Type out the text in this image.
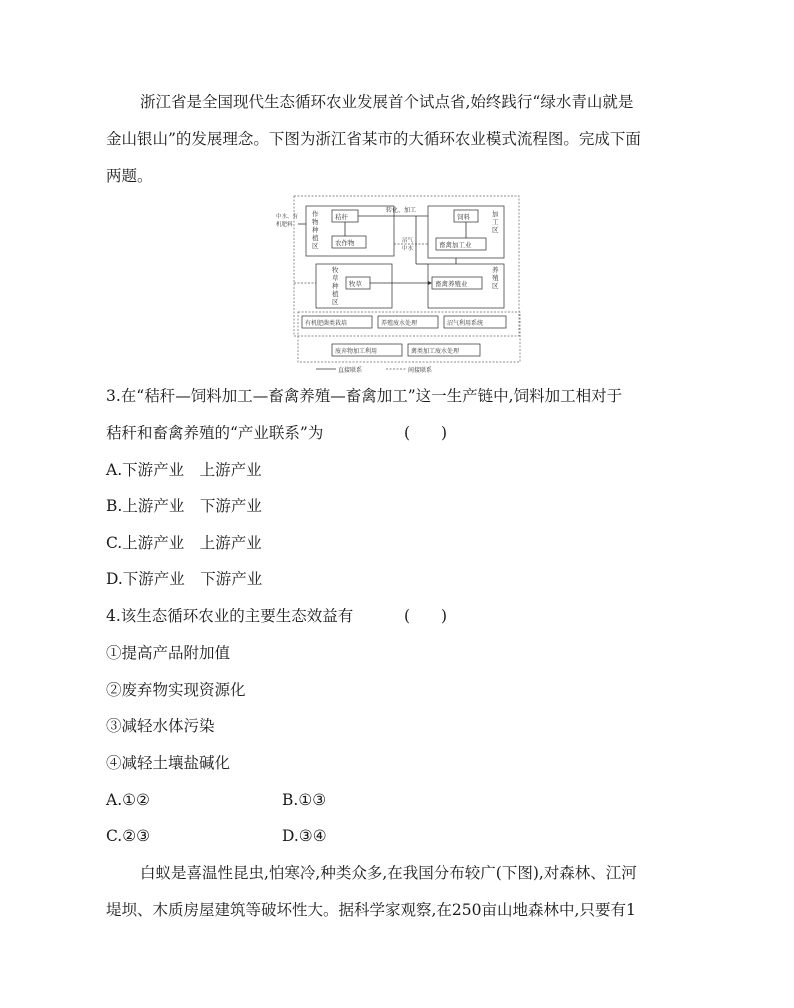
浙江省是全国现代生态循环农业发展首个试点省,始终践行“绿水青山就是
金山银山”的发展理念。下图为浙江省某市的大循环农业模式流程图。完成下面
两题。
作
物
种
植
区
秸秆
农作物
中水、有
机肥料
转化、加工	加
工
区
饲料
畜禽加工业
沼气
中水
牧
草
种
植
区
牧草
养
殖
区
畜禽养殖业
有机肥菌类栽培	养殖废水处理	沼气利用系统
废弃物加工利用	禽类加工废水处理
直接联系	间接联系
3.在“秸秆—饲料加工—畜禽养殖—畜禽加工”这一生产链中,饲料加工相对于
秸秆和畜禽养殖的“产业联系”为	(　　)
A.下游产业　上游产业
B.上游产业　下游产业
C.上游产业　上游产业
D.下游产业　下游产业
4.该生态循环农业的主要生态效益有	(　　)
①提高产品附加值
②废弃物实现资源化
③减轻水体污染
④减轻土壤盐碱化
A.①②	B.①③
C.②③	D.③④
白蚁是喜温性昆虫,怕寒冷,种类众多,在我国分布较广(下图),对森林、江河
堤坝、木质房屋建筑等破坏性大。据科学家观察,在250亩山地森林中,只要有1
